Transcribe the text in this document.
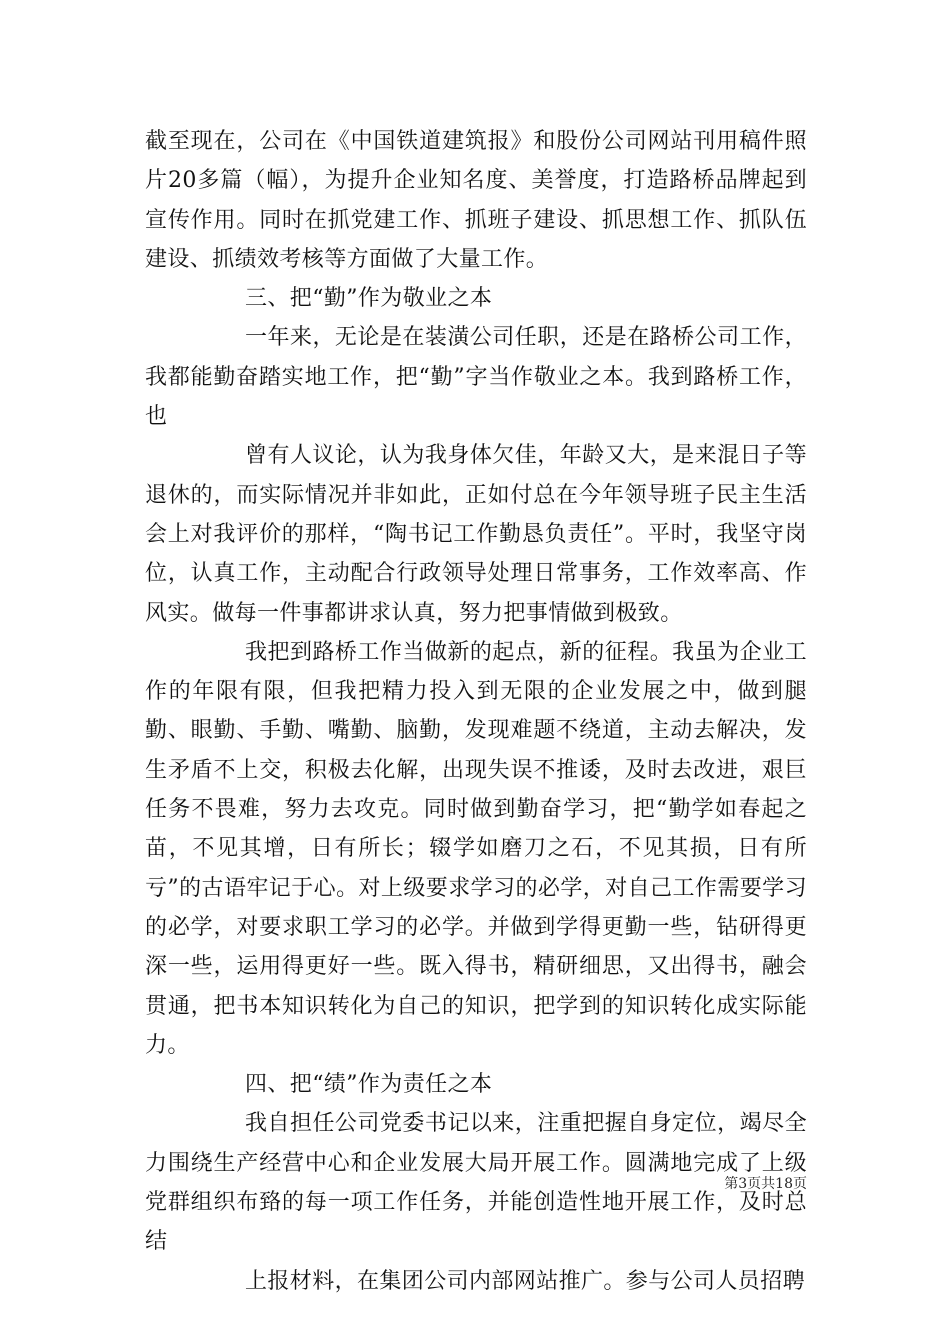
截至现在，公司在《中国铁道建筑报》和股份公司网站刊用稿件照片20多篇（幅），为提升企业知名度、美誉度，打造路桥品牌起到宣传作用。同时在抓党建工作、抓班子建设、抓思想工作、抓队伍建设、抓绩效考核等方面做了大量工作。

三、把“勤”作为敬业之本

一年来，无论是在装潢公司任职，还是在路桥公司工作，我都能勤奋踏实地工作，把“勤”字当作敬业之本。我到路桥工作，也

曾有人议论，认为我身体欠佳，年龄又大，是来混日子等退休的，而实际情况并非如此，正如付总在今年领导班子民主生活会上对我评价的那样，“陶书记工作勤恳负责任”。平时，我坚守岗位，认真工作，主动配合行政领导处理日常事务，工作效率高、作风实。做每一件事都讲求认真，努力把事情做到极致。

我把到路桥工作当做新的起点，新的征程。我虽为企业工作的年限有限，但我把精力投入到无限的企业发展之中，做到腿勤、眼勤、手勤、嘴勤、脑勤，发现难题不绕道，主动去解决，发生矛盾不上交，积极去化解，出现失误不推诿，及时去改进，艰巨任务不畏难，努力去攻克。同时做到勤奋学习，把“勤学如春起之苗，不见其增，日有所长；辍学如磨刀之石，不见其损，日有所亏”的古语牢记于心。对上级要求学习的必学，对自己工作需要学习的必学，对要求职工学习的必学。并做到学得更勤一些，钻研得更深一些，运用得更好一些。既入得书，精研细思，又出得书，融会贯通，把书本知识转化为自己的知识，把学到的知识转化成实际能力。

四、把“绩”作为责任之本

我自担任公司党委书记以来，注重把握自身定位，竭尽全力围绕生产经营中心和企业发展大局开展工作。圆满地完成了上级党群组织布臵的每一项工作任务，并能创造性地开展工作，及时总结

上报材料，在集团公司内部网站推广。参与公司人员招聘

第3页共18页
